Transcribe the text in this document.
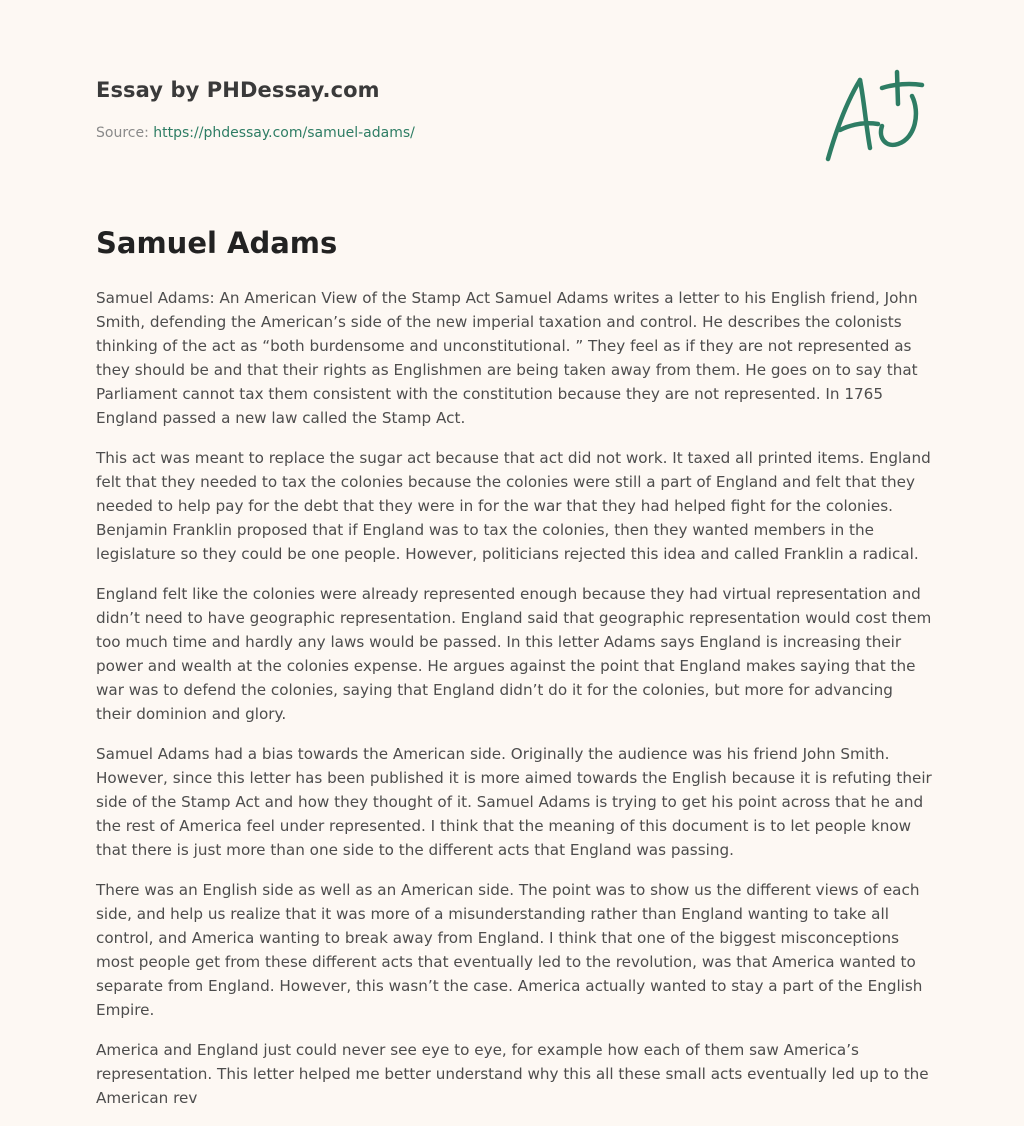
Essay by PHDessay.com
Source: https://phdessay.com/samuel-adams/
Samuel Adams

Samuel Adams: An American View of the Stamp Act Samuel Adams writes a letter to his English friend, John Smith, defending the American’s side of the new imperial taxation and control. He describes the colonists thinking of the act as “both burdensome and unconstitutional. ” They feel as if they are not represented as they should be and that their rights as Englishmen are being taken away from them. He goes on to say that Parliament cannot tax them consistent with the constitution because they are not represented. In 1765 England passed a new law called the Stamp Act.

This act was meant to replace the sugar act because that act did not work. It taxed all printed items. England felt that they needed to tax the colonies because the colonies were still a part of England and felt that they needed to help pay for the debt that they were in for the war that they had helped fight for the colonies. Benjamin Franklin proposed that if England was to tax the colonies, then they wanted members in the legislature so they could be one people. However, politicians rejected this idea and called Franklin a radical.

England felt like the colonies were already represented enough because they had virtual representation and didn’t need to have geographic representation. England said that geographic representation would cost them too much time and hardly any laws would be passed. In this letter Adams says England is increasing their power and wealth at the colonies expense. He argues against the point that England makes saying that the war was to defend the colonies, saying that England didn’t do it for the colonies, but more for advancing their dominion and glory.

Samuel Adams had a bias towards the American side. Originally the audience was his friend John Smith. However, since this letter has been published it is more aimed towards the English because it is refuting their side of the Stamp Act and how they thought of it. Samuel Adams is trying to get his point across that he and the rest of America feel under represented. I think that the meaning of this document is to let people know that there is just more than one side to the different acts that England was passing.

There was an English side as well as an American side. The point was to show us the different views of each side, and help us realize that it was more of a misunderstanding rather than England wanting to take all control, and America wanting to break away from England. I think that one of the biggest misconceptions most people get from these different acts that eventually led to the revolution, was that America wanted to separate from England. However, this wasn’t the case. America actually wanted to stay a part of the English Empire.

America and England just could never see eye to eye, for example how each of them saw America’s representation. This letter helped me better understand why this all these small acts eventually led up to the American rev
